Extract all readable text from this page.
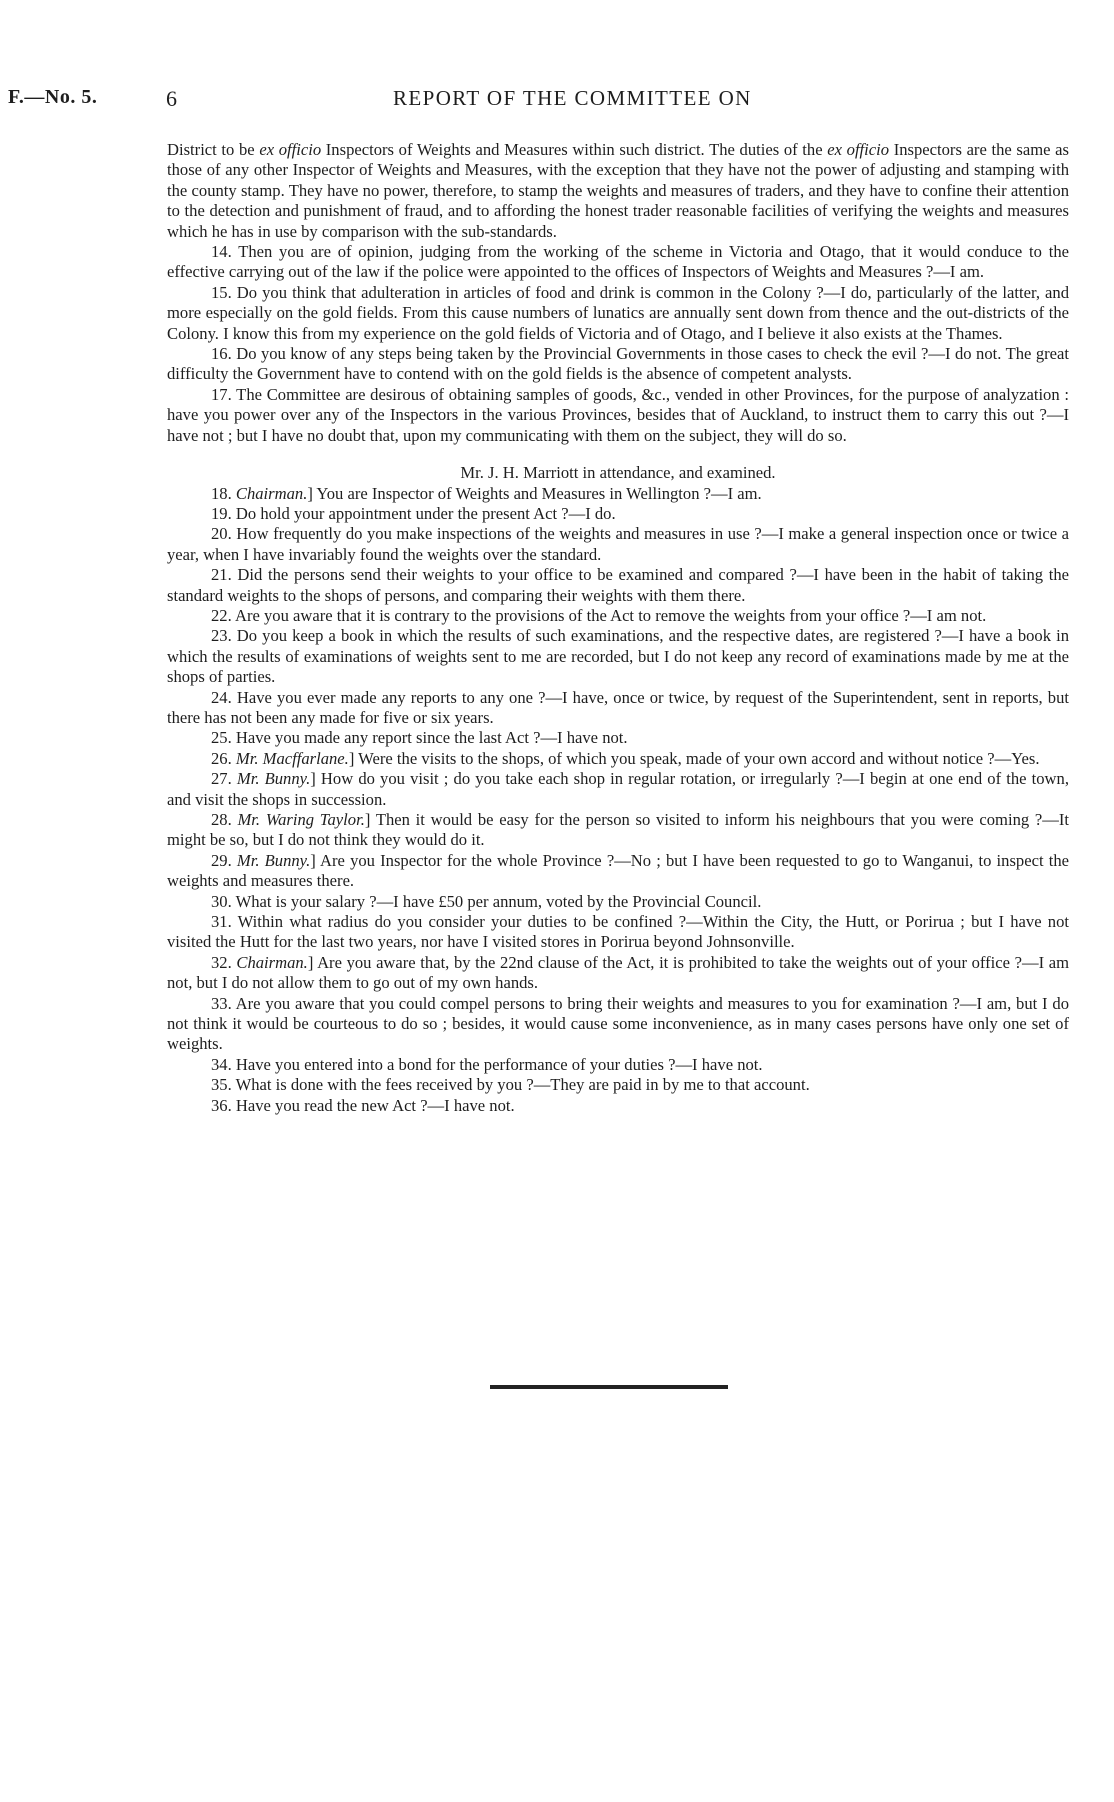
F.—No. 5.	6	REPORT OF THE COMMITTEE ON

District to be ex officio Inspectors of Weights and Measures within such district. The duties of the ex officio Inspectors are the same as those of any other Inspector of Weights and Measures, with the exception that they have not the power of adjusting and stamping with the county stamp. They have no power, therefore, to stamp the weights and measures of traders, and they have to confine their attention to the detection and punishment of fraud, and to affording the honest trader reasonable facilities of verifying the weights and measures which he has in use by comparison with the sub-standards.

14. Then you are of opinion, judging from the working of the scheme in Victoria and Otago, that it would conduce to the effective carrying out of the law if the police were appointed to the offices of Inspectors of Weights and Measures ?—I am.

15. Do you think that adulteration in articles of food and drink is common in the Colony ?—I do, particularly of the latter, and more especially on the gold fields. From this cause numbers of lunatics are annually sent down from thence and the out-districts of the Colony. I know this from my experience on the gold fields of Victoria and of Otago, and I believe it also exists at the Thames.

16. Do you know of any steps being taken by the Provincial Governments in those cases to check the evil ?—I do not. The great difficulty the Government have to contend with on the gold fields is the absence of competent analysts.

17. The Committee are desirous of obtaining samples of goods, &c., vended in other Provinces, for the purpose of analyzation : have you power over any of the Inspectors in the various Provinces, besides that of Auckland, to instruct them to carry this out ?—I have not ; but I have no doubt that, upon my communicating with them on the subject, they will do so.

Mr. J. H. Marriott in attendance, and examined.

18. Chairman.] You are Inspector of Weights and Measures in Wellington ?—I am.

19. Do hold your appointment under the present Act ?—I do.

20. How frequently do you make inspections of the weights and measures in use ?—I make a general inspection once or twice a year, when I have invariably found the weights over the standard.

21. Did the persons send their weights to your office to be examined and compared ?—I have been in the habit of taking the standard weights to the shops of persons, and comparing their weights with them there.

22. Are you aware that it is contrary to the provisions of the Act to remove the weights from your office ?—I am not.

23. Do you keep a book in which the results of such examinations, and the respective dates, are registered ?—I have a book in which the results of examinations of weights sent to me are recorded, but I do not keep any record of examinations made by me at the shops of parties.

24. Have you ever made any reports to any one ?—I have, once or twice, by request of the Superintendent, sent in reports, but there has not been any made for five or six years.

25. Have you made any report since the last Act ?—I have not.

26. Mr. Macffarlane.] Were the visits to the shops, of which you speak, made of your own accord and without notice ?—Yes.

27. Mr. Bunny.] How do you visit ; do you take each shop in regular rotation, or irregularly ?—I begin at one end of the town, and visit the shops in succession.

28. Mr. Waring Taylor.] Then it would be easy for the person so visited to inform his neighbours that you were coming ?—It might be so, but I do not think they would do it.

29. Mr. Bunny.] Are you Inspector for the whole Province ?—No ; but I have been requested to go to Wanganui, to inspect the weights and measures there.

30. What is your salary ?—I have £50 per annum, voted by the Provincial Council.

31. Within what radius do you consider your duties to be confined ?—Within the City, the Hutt, or Porirua ; but I have not visited the Hutt for the last two years, nor have I visited stores in Porirua beyond Johnsonville.

32. Chairman.] Are you aware that, by the 22nd clause of the Act, it is prohibited to take the weights out of your office ?—I am not, but I do not allow them to go out of my own hands.

33. Are you aware that you could compel persons to bring their weights and measures to you for examination ?—I am, but I do not think it would be courteous to do so ; besides, it would cause some inconvenience, as in many cases persons have only one set of weights.

34. Have you entered into a bond for the performance of your duties ?—I have not.

35. What is done with the fees received by you ?—They are paid in by me to that account.

36. Have you read the new Act ?—I have not.
